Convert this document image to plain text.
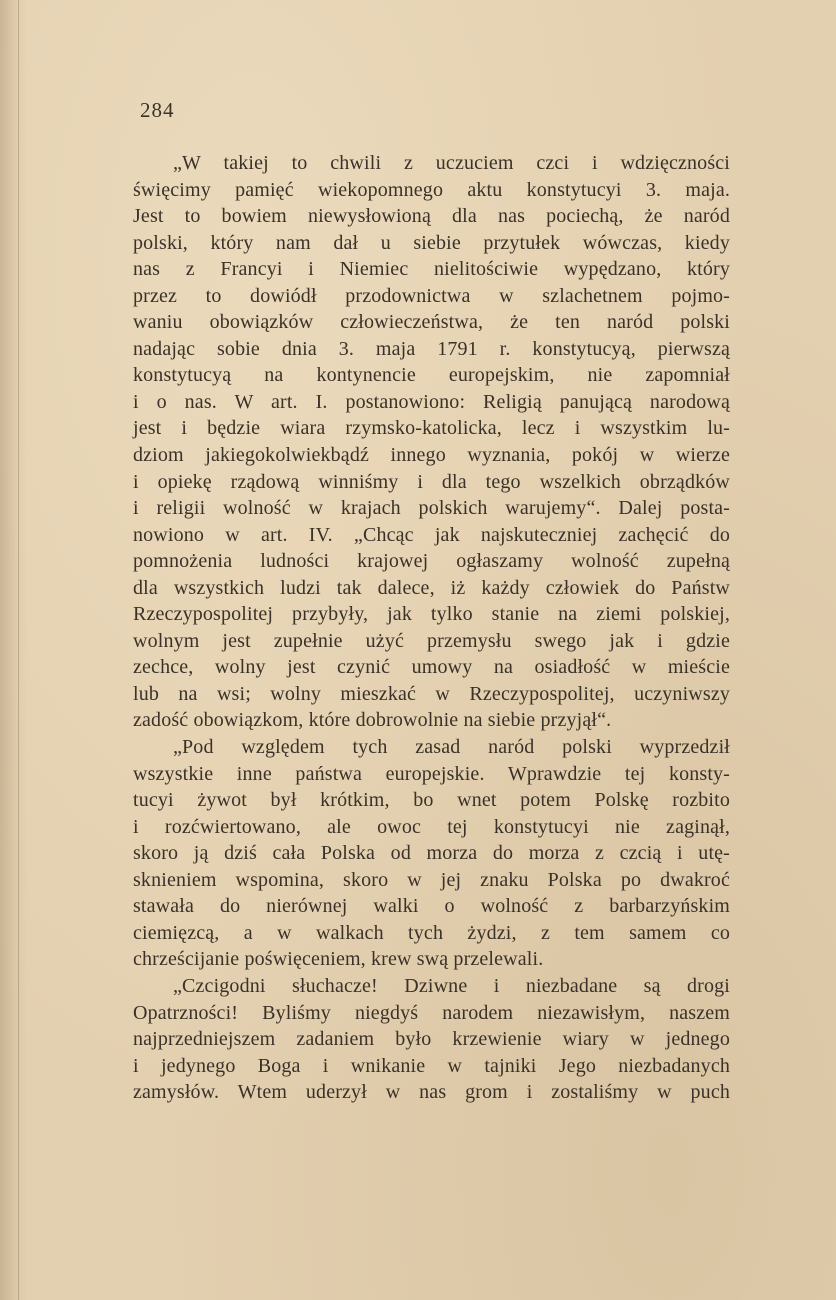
284
„W takiej to chwili z uczuciem czci i wdzięczności
święcimy pamięć wiekopomnego aktu konstytucyi 3. maja.
Jest to bowiem niewysłowioną dla nas pociechą, że naród
polski, który nam dał u siebie przytułek wówczas, kiedy
nas z Francyi i Niemiec nielitościwie wypędzano, który
przez to dowiódł przodownictwa w szlachetnem pojmo-
waniu obowiązków człowieczeństwa, że ten naród polski
nadając sobie dnia 3. maja 1791 r. konstytucyą, pierwszą
konstytucyą na kontynencie europejskim, nie zapomniał
i o nas. W art. I. postanowiono: Religią panującą narodową
jest i będzie wiara rzymsko-katolicka, lecz i wszystkim lu-
dziom jakiegokolwiekbądź innego wyznania, pokój w wierze
i opiekę rządową winniśmy i dla tego wszelkich obrządków
i religii wolność w krajach polskich warujemy“. Dalej posta-
nowiono w art. IV. „Chcąc jak najskuteczniej zachęcić do
pomnożenia ludności krajowej ogłaszamy wolność zupełną
dla wszystkich ludzi tak dalece, iż każdy człowiek do Państw
Rzeczypospolitej przybyły, jak tylko stanie na ziemi polskiej,
wolnym jest zupełnie użyć przemysłu swego jak i gdzie
zechce, wolny jest czynić umowy na osiadłość w mieście
lub na wsi; wolny mieszkać w Rzeczypospolitej, uczyniwszy
zadość obowiązkom, które dobrowolnie na siebie przyjął“.
„Pod względem tych zasad naród polski wyprzedził
wszystkie inne państwa europejskie. Wprawdzie tej konsty-
tucyi żywot był krótkim, bo wnet potem Polskę rozbito
i rozćwiertowano, ale owoc tej konstytucyi nie zaginął,
skoro ją dziś cała Polska od morza do morza z czcią i utę-
sknieniem wspomina, skoro w jej znaku Polska po dwakroć
stawała do nierównej walki o wolność z barbarzyńskim
ciemięzcą, a w walkach tych żydzi, z tem samem co
chrześcijanie poświęceniem, krew swą przelewali.
„Czcigodni słuchacze! Dziwne i niezbadane są drogi
Opatrzności! Byliśmy niegdyś narodem niezawisłym, naszem
najprzedniejszem zadaniem było krzewienie wiary w jednego
i jedynego Boga i wnikanie w tajniki Jego niezbadanych
zamysłów. Wtem uderzył w nas grom i zostaliśmy w puch
